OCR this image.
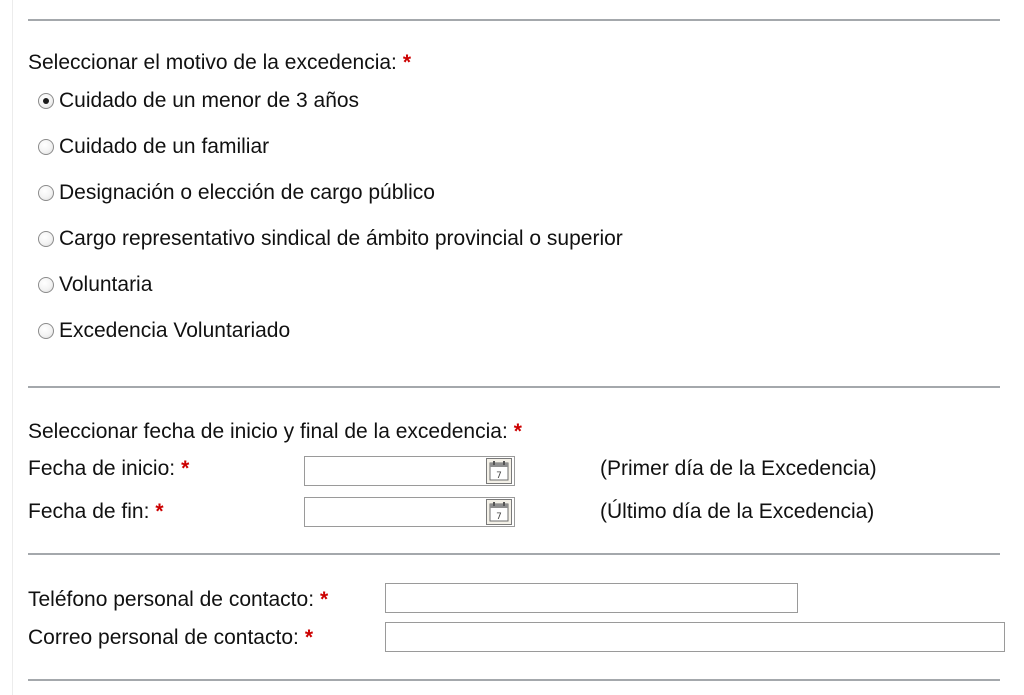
Seleccionar el motivo de la excedencia: *
Cuidado de un menor de 3 años
Cuidado de un familiar
Designación o elección de cargo público
Cargo representativo sindical de ámbito provincial o superior
Voluntaria
Excedencia Voluntariado
Seleccionar fecha de inicio y final de la excedencia: *
Fecha de inicio: *	7	(Primer día de la Excedencia)
Fecha de fin: *	7	(Último día de la Excedencia)
Teléfono personal de contacto: *
Correo personal de contacto: *
